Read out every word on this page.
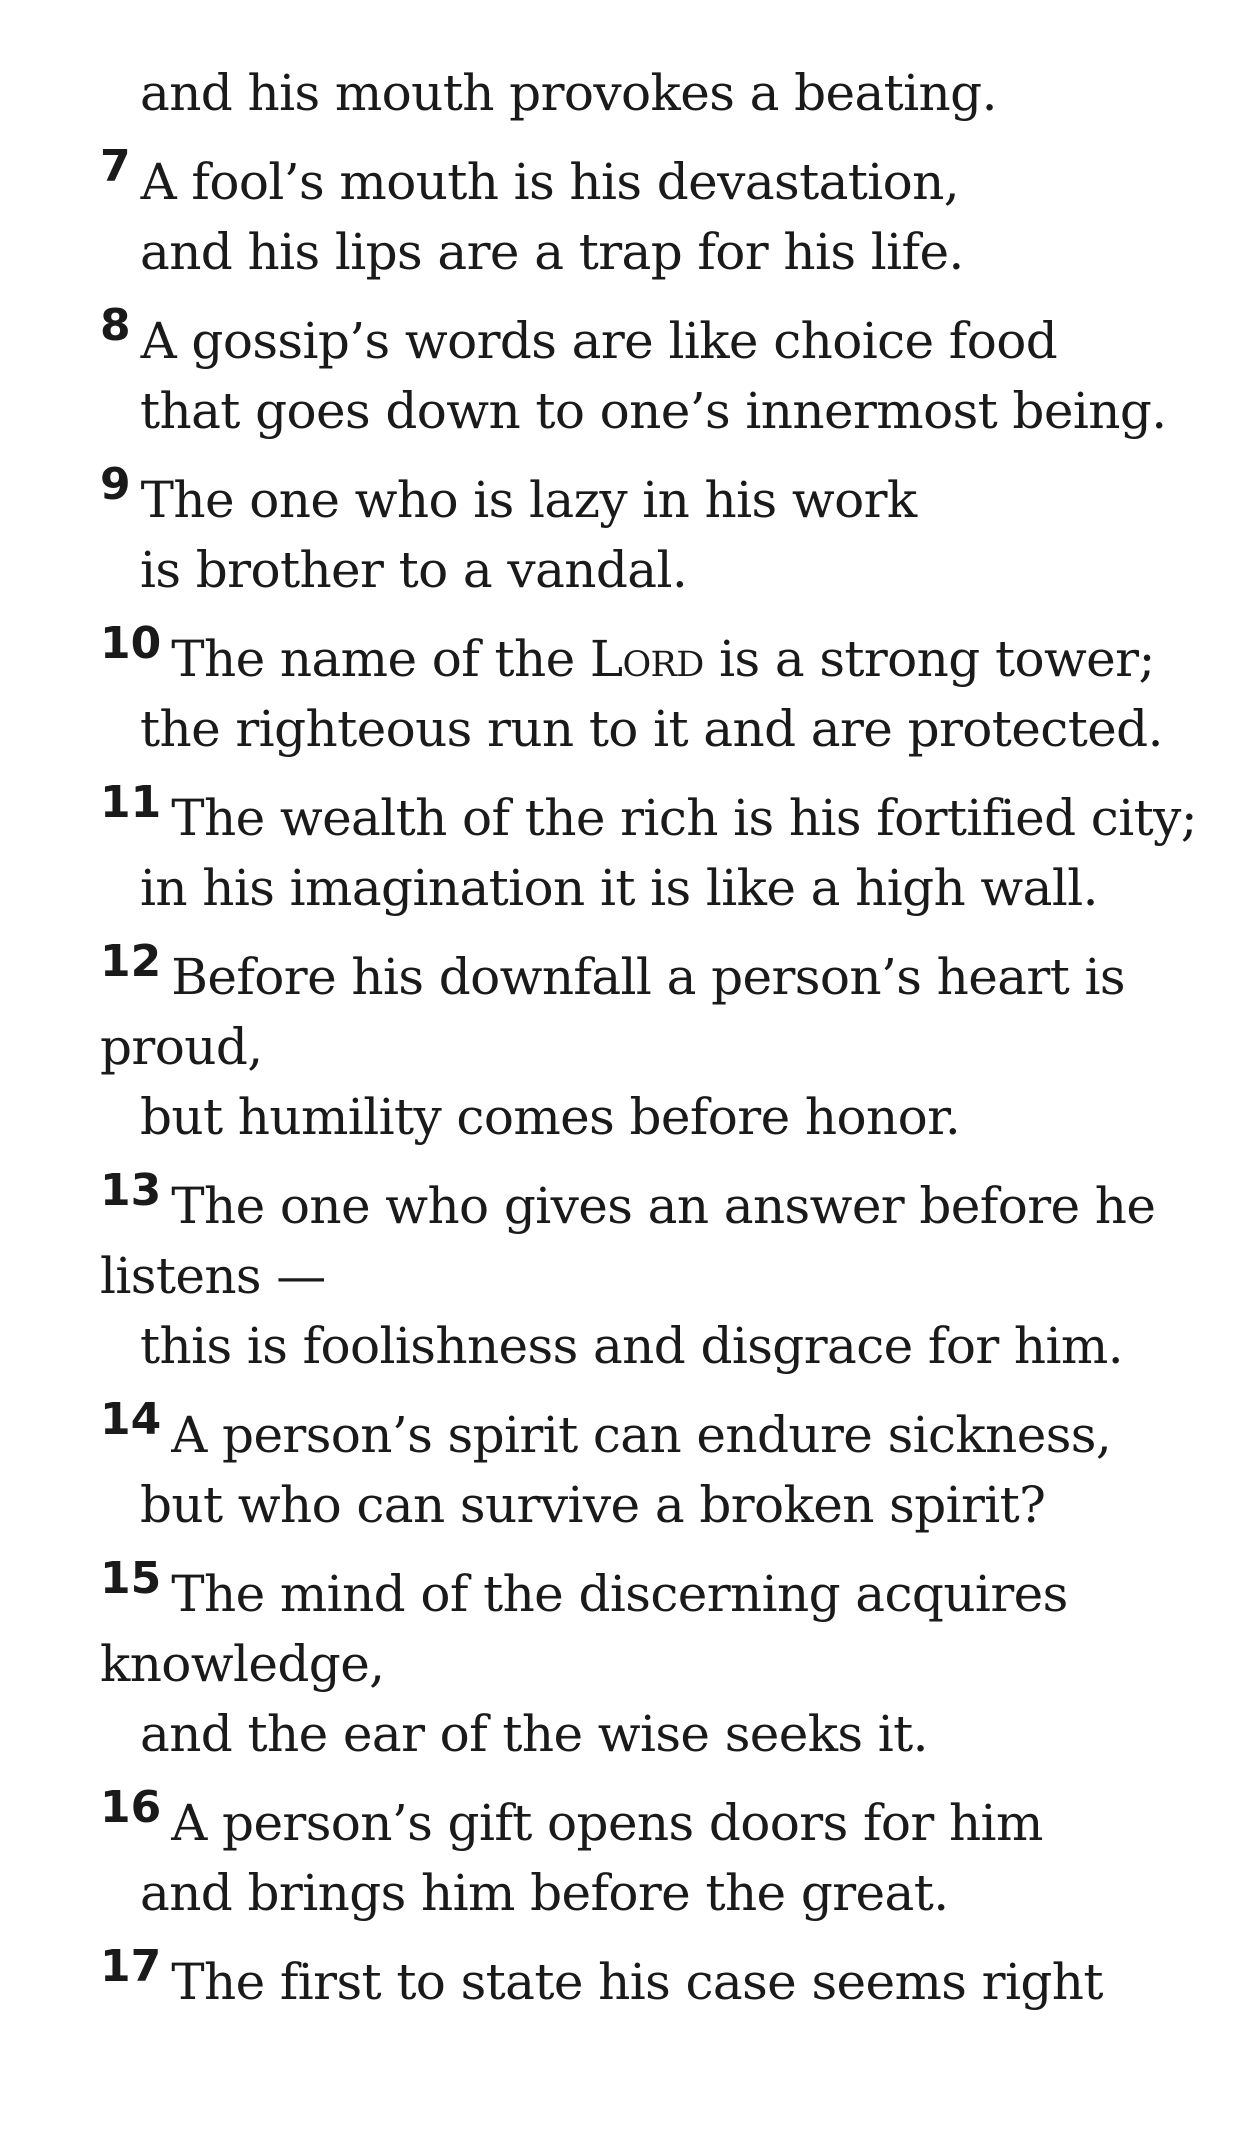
and his mouth provokes a beating.
7 A fool’s mouth is his devastation,
and his lips are a trap for his life.
8 A gossip’s words are like choice food
that goes down to one’s innermost being.
9 The one who is lazy in his work
is brother to a vandal.
10 The name of the Lord is a strong tower;
the righteous run to it and are protected.
11 The wealth of the rich is his fortified city;
in his imagination it is like a high wall.
12 Before his downfall a person’s heart is proud,
but humility comes before honor.
13 The one who gives an answer before he listens —
this is foolishness and disgrace for him.
14 A person’s spirit can endure sickness,
but who can survive a broken spirit?
15 The mind of the discerning acquires knowledge,
and the ear of the wise seeks it.
16 A person’s gift opens doors for him
and brings him before the great.
17 The first to state his case seems right
